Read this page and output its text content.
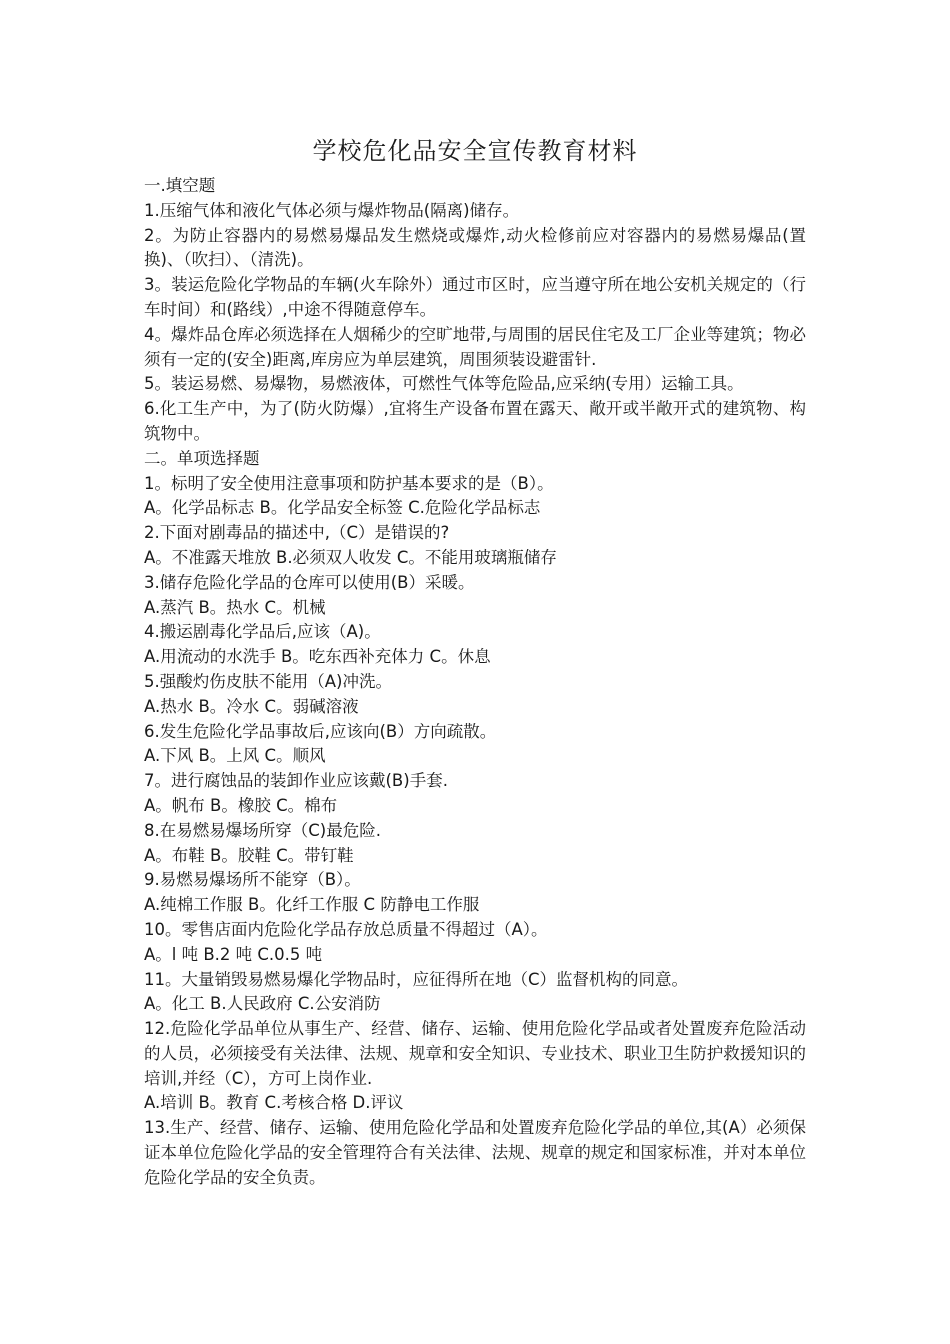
学校危化品安全宣传教育材料

一.填空题

1.压缩气体和液化气体必须与爆炸物品(隔离)储存。

2。为防止容器内的易燃易爆品发生燃烧或爆炸,动火检修前应对容器内的易燃易爆品(置换)、（吹扫）、（清洗)。

3。装运危险化学物品的车辆(火车除外）通过市区时，应当遵守所在地公安机关规定的（行车时间）和(路线）,中途不得随意停车。

4。爆炸品仓库必须选择在人烟稀少的空旷地带,与周围的居民住宅及工厂企业等建筑；物必须有一定的(安全)距离,库房应为单层建筑，周围须装设避雷针.

5。装运易燃、易爆物，易燃液体，可燃性气体等危险品,应采纳(专用）运输工具。

6.化工生产中，为了(防火防爆）,宜将生产设备布置在露天、敞开或半敞开式的建筑物、构筑物中。

二。单项选择题

1。标明了安全使用注意事项和防护基本要求的是（B）。

A。化学品标志 B。化学品安全标签 C.危险化学品标志

2.下面对剧毒品的描述中,（C）是错误的?

A。不准露天堆放 B.必须双人收发 C。不能用玻璃瓶储存

3.储存危险化学品的仓库可以使用(B）采暖。

A.蒸汽 B。热水 C。机械

4.搬运剧毒化学品后,应该（A)。

A.用流动的水洗手 B。吃东西补充体力 C。休息

5.强酸灼伤皮肤不能用（A)冲洗。

A.热水 B。冷水 C。弱碱溶液

6.发生危险化学品事故后,应该向(B）方向疏散。

A.下风 B。上风 C。顺风

7。进行腐蚀品的装卸作业应该戴(B)手套.

A。帆布 B。橡胶 C。棉布

8.在易燃易爆场所穿（C)最危险.

A。布鞋 B。胶鞋 C。带钉鞋

9.易燃易爆场所不能穿（B）。

A.纯棉工作服 B。化纤工作服 C 防静电工作服

10。零售店面内危险化学品存放总质量不得超过（A）。

A。l 吨 B.2 吨 C.0.5 吨

11。大量销毁易燃易爆化学物品时，应征得所在地（C）监督机构的同意。

A。化工 B.人民政府 C.公安消防

12.危险化学品单位从事生产、经营、储存、运输、使用危险化学品或者处置废弃危险活动的人员，必须接受有关法律、法规、规章和安全知识、专业技术、职业卫生防护救援知识的培训,并经（C），方可上岗作业.

A.培训 B。教育 C.考核合格 D.评议

13.生产、经营、储存、运输、使用危险化学品和处置废弃危险化学品的单位,其(A）必须保证本单位危险化学品的安全管理符合有关法律、法规、规章的规定和国家标准，并对本单位危险化学品的安全负责。
